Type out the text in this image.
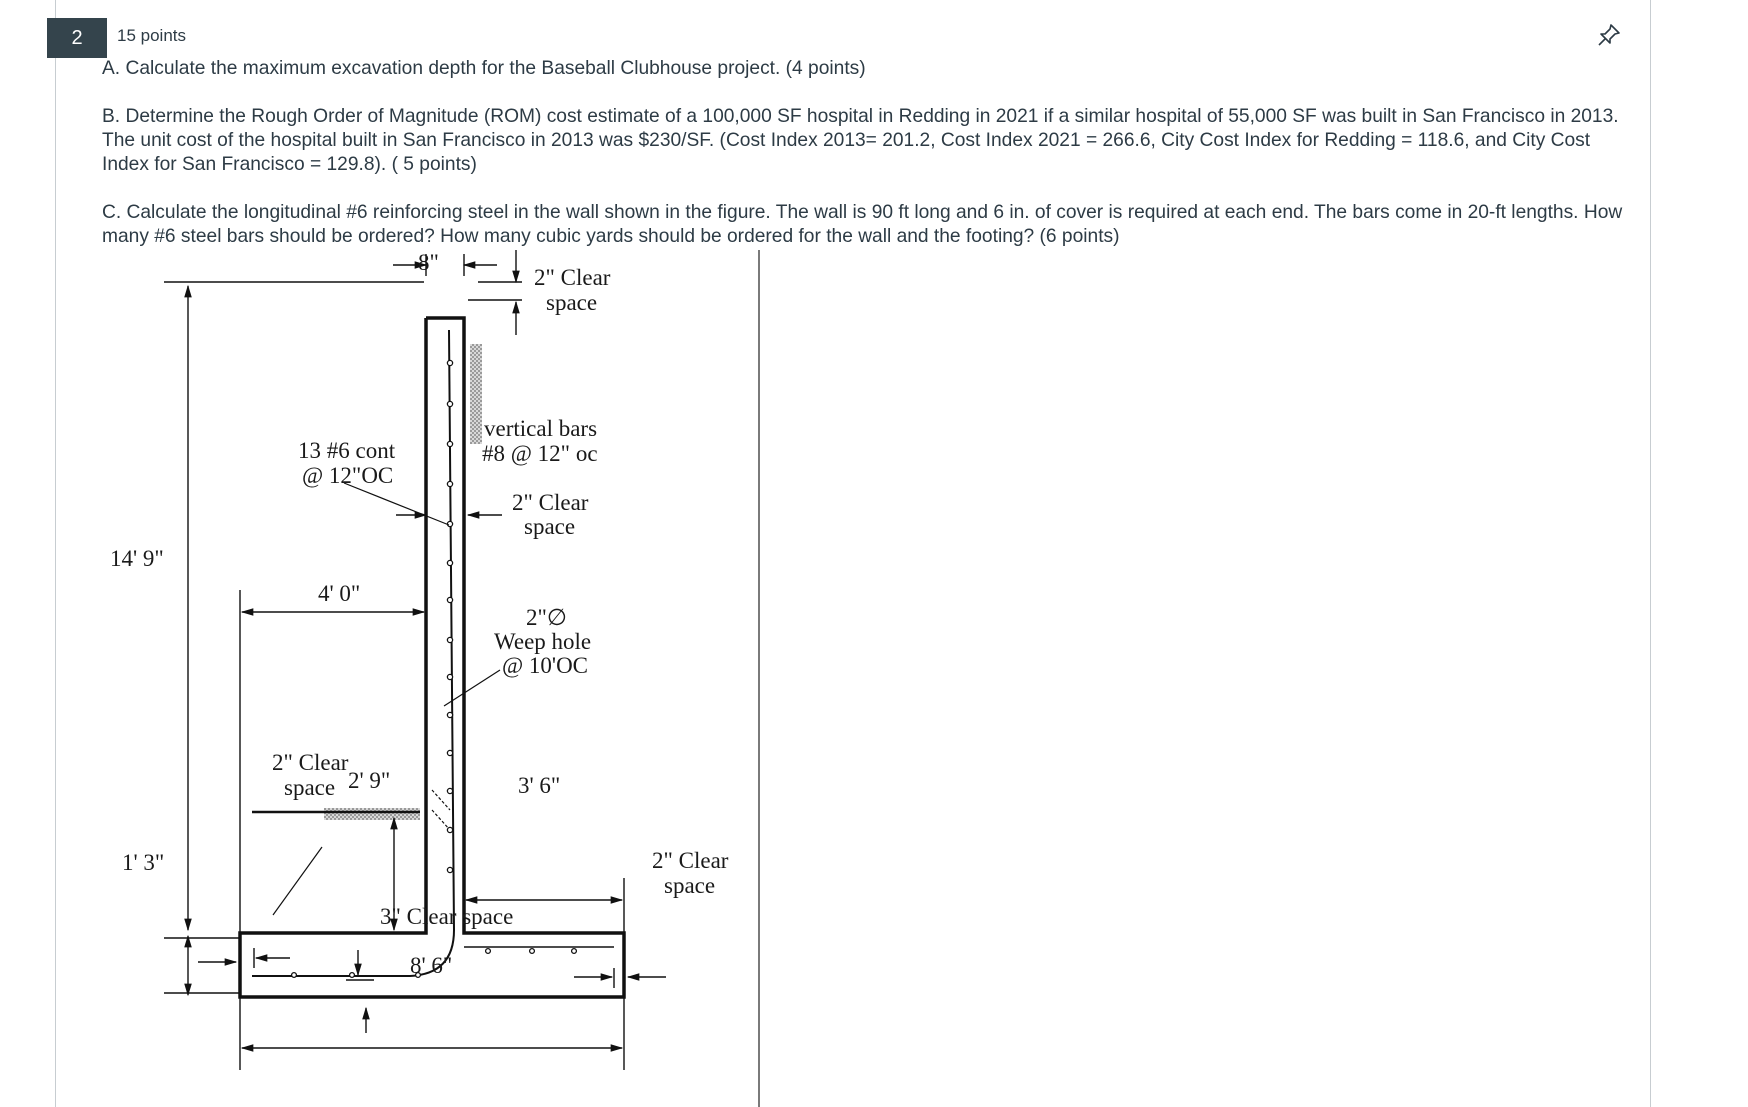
2	15 points

A. Calculate the maximum excavation depth for the Baseball Clubhouse project. (4 points)

B. Determine the Rough Order of Magnitude (ROM) cost estimate of a 100,000 SF hospital in Redding in 2021 if a similar hospital of 55,000 SF was built in San Francisco in 2013. The unit cost of the hospital built in San Francisco in 2013 was $230/SF. (Cost Index 2013= 201.2, Cost Index 2021 = 266.6, City Cost Index for Redding = 118.6, and City Cost Index for San Francisco = 129.8). ( 5 points)

C. Calculate the longitudinal #6 reinforcing steel in the wall shown in the figure. The wall is 90 ft long and 6 in. of cover is required at each end. The bars come in 20-ft lengths. How many #6 steel bars should be ordered? How many cubic yards should be ordered for the wall and the footing? (6 points)

8"
2" Clear
space
13 #6 cont
@ 12"OC
vertical bars
#8 @ 12" oc
2" Clear
space
14' 9"
4' 0"
2"∅
Weep hole
@ 10'OC
2" Clear
space 2' 9"	3' 6"
1' 3"	2" Clear
space
3" Clear space
8' 6"
